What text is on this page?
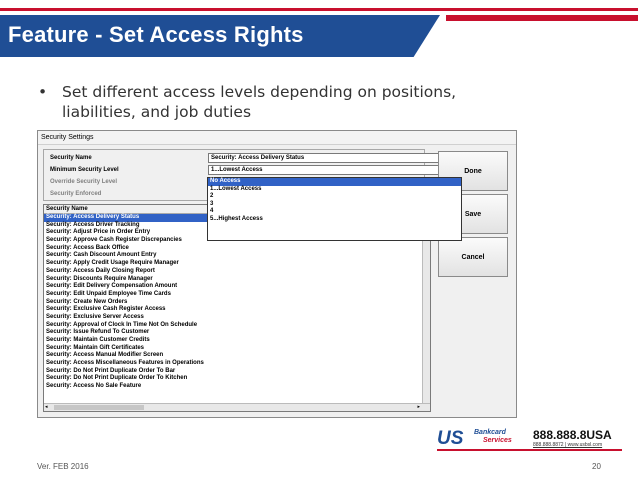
Feature - Set Access Rights
• Set different access levels depending on positions, liabilities, and job duties
Security Settings
Security Name
Minimum Security Level
Override Security Level
Security Enforced
Security: Access Delivery Status
1...Lowest Access
No Access
1...Lowest Access
2
3
4
5...Highest Access
Security Name
Security: Access Delivery Status
Security: Access Driver Tracking
Security: Adjust Price in Order Entry
Security: Approve Cash Register Discrepancies
Security: Access Back Office
Security: Cash Discount Amount Entry
Security: Apply Credit Usage Require Manager
Security: Access Daily Closing Report
Security: Discounts Require Manager
Security: Edit Delivery Compensation Amount
Security: Edit Unpaid Employee Time Cards
Security: Create New Orders
Security: Exclusive Cash Register Access
Security: Exclusive Server Access
Security: Approval of Clock In Time Not On Schedule
Security: Issue Refund To Customer
Security: Maintain Customer Credits
Security: Maintain Gift Certificates
Security: Access Manual Modifier Screen
Security: Access Miscellaneous Features in Operations
Security: Do Not Print Duplicate Order To Bar
Security: Do Not Print Duplicate Order To Kitchen
Security: Access No Sale Feature
◂	▸
Done
Save
Cancel
US Bankcard
Services 888.888.8USA
888.888.8872 | www.usbsl.com
Ver. FEB 2016	20
